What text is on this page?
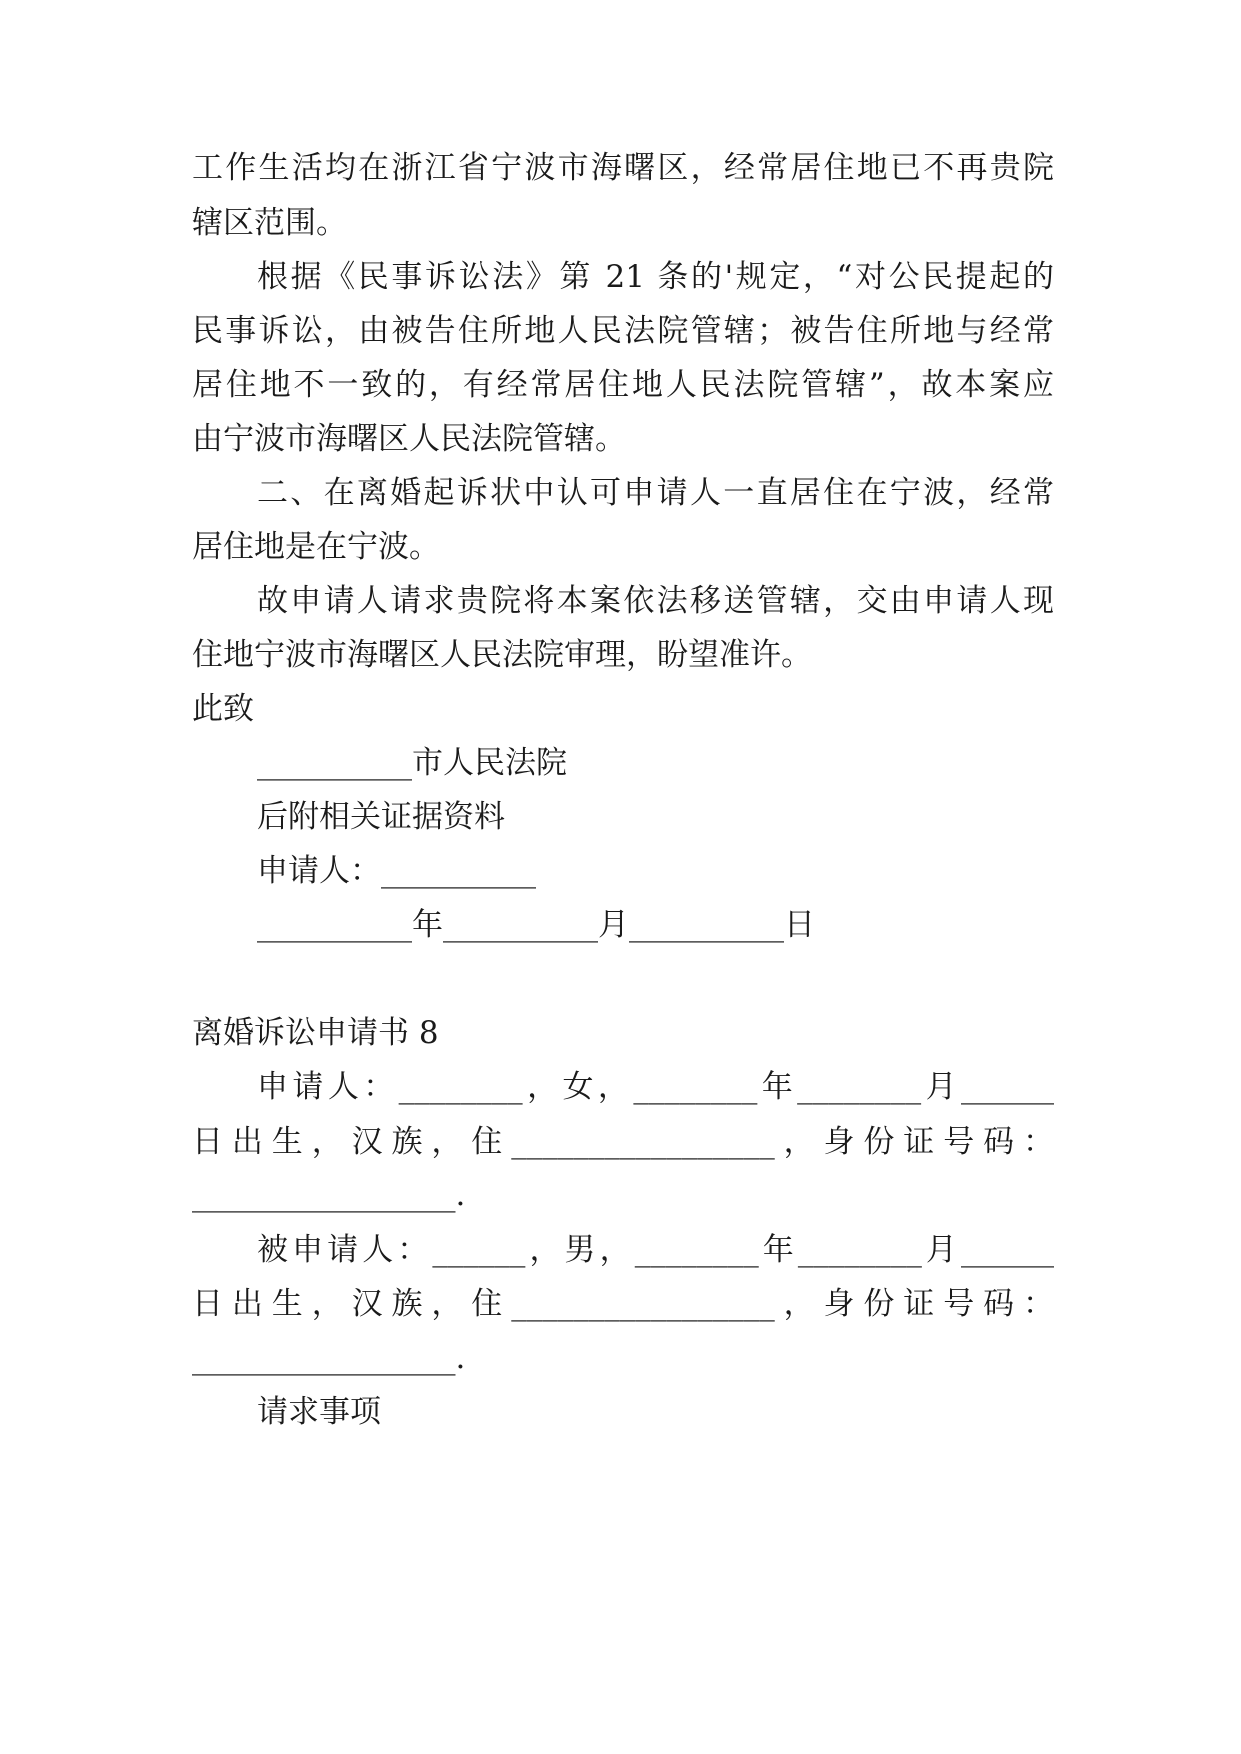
工作生活均在浙江省宁波市海曙区，经常居住地已不再贵院
辖区范围。
根据《民事诉讼法》第 21 条的'规定，“对公民提起的
民事诉讼，由被告住所地人民法院管辖；被告住所地与经常
居住地不一致的，有经常居住地人民法院管辖”，故本案应
由宁波市海曙区人民法院管辖。
二、在离婚起诉状中认可申请人一直居住在宁波，经常
居住地是在宁波。
故申请人请求贵院将本案依法移送管辖，交由申请人现
住地宁波市海曙区人民法院审理，盼望准许。
此致
__________市人民法院
后附相关证据资料
申请人：__________
__________年__________月__________日
离婚诉讼申请书 8
申请人：________，女，________年________月______
日出生，汉族，住_________________，身份证号码：
_________________.
被申请人：______，男，________年________月______
日出生，汉族，住_________________，身份证号码：
_________________.
请求事项
